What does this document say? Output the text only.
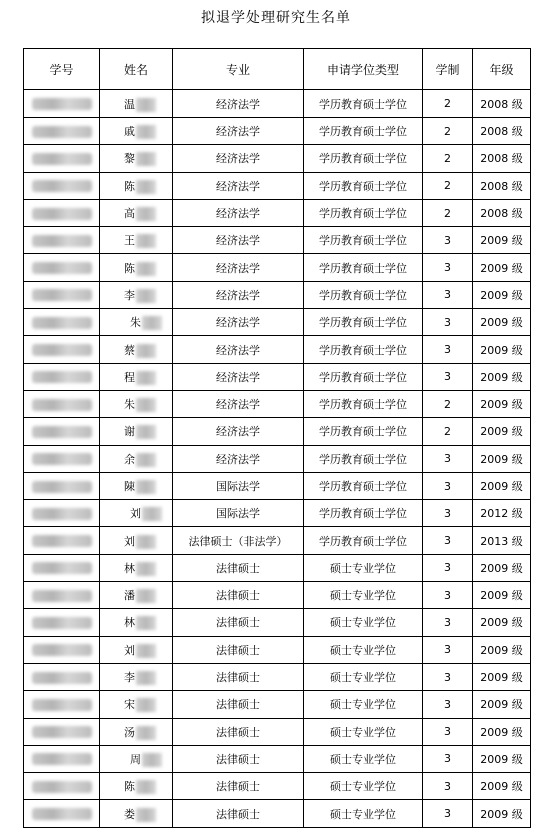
拟退学处理研究生名单
学号	姓名	专业	申请学位类型	学制	年级
	温	经济法学	学历教育硕士学位	2	2008 级
	戚	经济法学	学历教育硕士学位	2	2008 级
	黎	经济法学	学历教育硕士学位	2	2008 级
	陈	经济法学	学历教育硕士学位	2	2008 级
	高	经济法学	学历教育硕士学位	2	2008 级
	王	经济法学	学历教育硕士学位	3	2009 级
	陈	经济法学	学历教育硕士学位	3	2009 级
	李	经济法学	学历教育硕士学位	3	2009 级
	朱	经济法学	学历教育硕士学位	3	2009 级
	蔡	经济法学	学历教育硕士学位	3	2009 级
	程	经济法学	学历教育硕士学位	3	2009 级
	朱	经济法学	学历教育硕士学位	2	2009 级
	谢	经济法学	学历教育硕士学位	2	2009 级
	余	经济法学	学历教育硕士学位	3	2009 级
	陳	国际法学	学历教育硕士学位	3	2009 级
	刘	国际法学	学历教育硕士学位	3	2012 级
	刘	法律硕士（非法学）	学历教育硕士学位	3	2013 级
	林	法律硕士	硕士专业学位	3	2009 级
	潘	法律硕士	硕士专业学位	3	2009 级
	林	法律硕士	硕士专业学位	3	2009 级
	刘	法律硕士	硕士专业学位	3	2009 级
	李	法律硕士	硕士专业学位	3	2009 级
	宋	法律硕士	硕士专业学位	3	2009 级
	汤	法律硕士	硕士专业学位	3	2009 级
	周	法律硕士	硕士专业学位	3	2009 级
	陈	法律硕士	硕士专业学位	3	2009 级
	娄	法律硕士	硕士专业学位	3	2009 级
